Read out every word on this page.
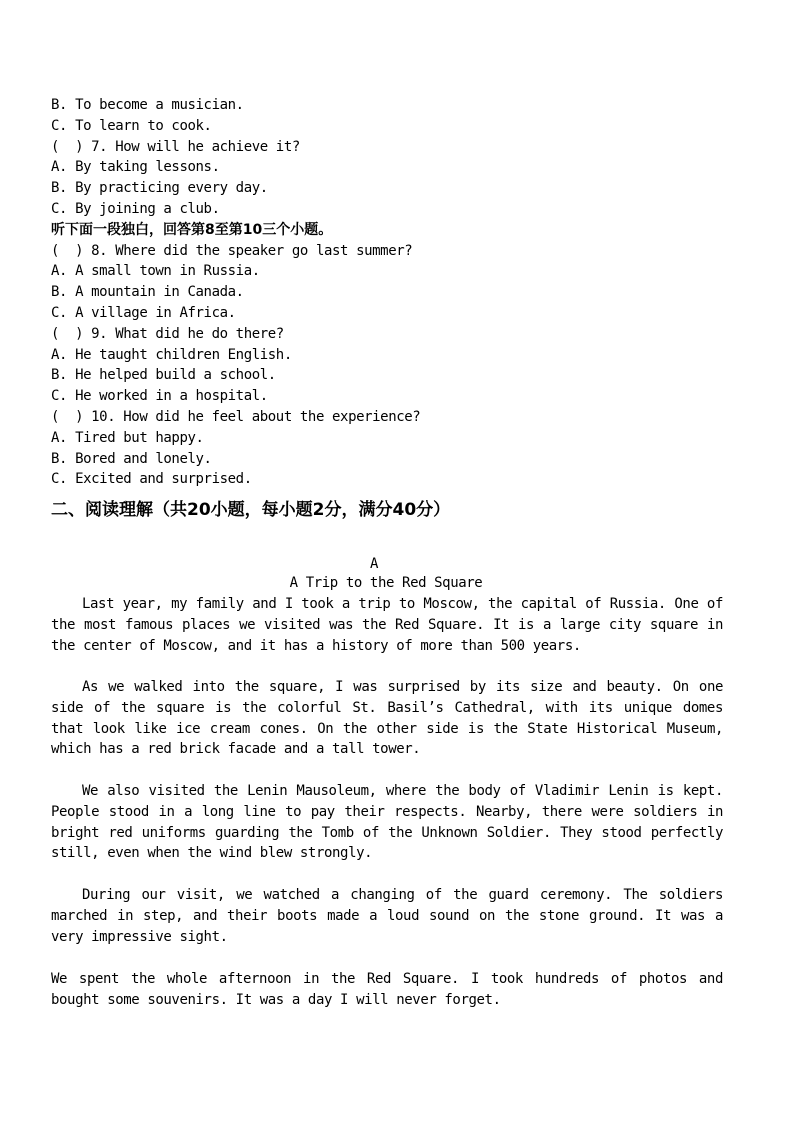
B. To become a musician.
C. To learn to cook.
(  ) 7. How will he achieve it?
A. By taking lessons.
B. By practicing every day.
C. By joining a club.
听下面一段独白，回答第8至第10三个小题。
(  ) 8. Where did the speaker go last summer?
A. A small town in Russia.
B. A mountain in Canada.
C. A village in Africa.
(  ) 9. What did he do there?
A. He taught children English.
B. He helped build a school.
C. He worked in a hospital.
(  ) 10. How did he feel about the experience?
A. Tired but happy.
B. Bored and lonely.
C. Excited and surprised.
二、阅读理解（共20小题，每小题2分，满分40分）
A
A Trip to the Red Square
Last year, my family and I took a trip to Moscow, the capital of Russia. One of the most famous places we visited was the Red Square. It is a large city square in the center of Moscow, and it has a history of more than 500 years.
As we walked into the square, I was surprised by its size and beauty. On one side of the square is the colorful St. Basil’s Cathedral, with its unique domes that look like ice cream cones. On the other side is the State Historical Museum, which has a red brick facade and a tall tower.
We also visited the Lenin Mausoleum, where the body of Vladimir Lenin is kept. People stood in a long line to pay their respects. Nearby, there were soldiers in bright red uniforms guarding the Tomb of the Unknown Soldier. They stood perfectly still, even when the wind blew strongly.
During our visit, we watched a changing of the guard ceremony. The soldiers marched in step, and their boots made a loud sound on the stone ground. It was a very impressive sight.
We spent the whole afternoon in the Red Square. I took hundreds of photos and bought some souvenirs. It was a day I will never forget.
